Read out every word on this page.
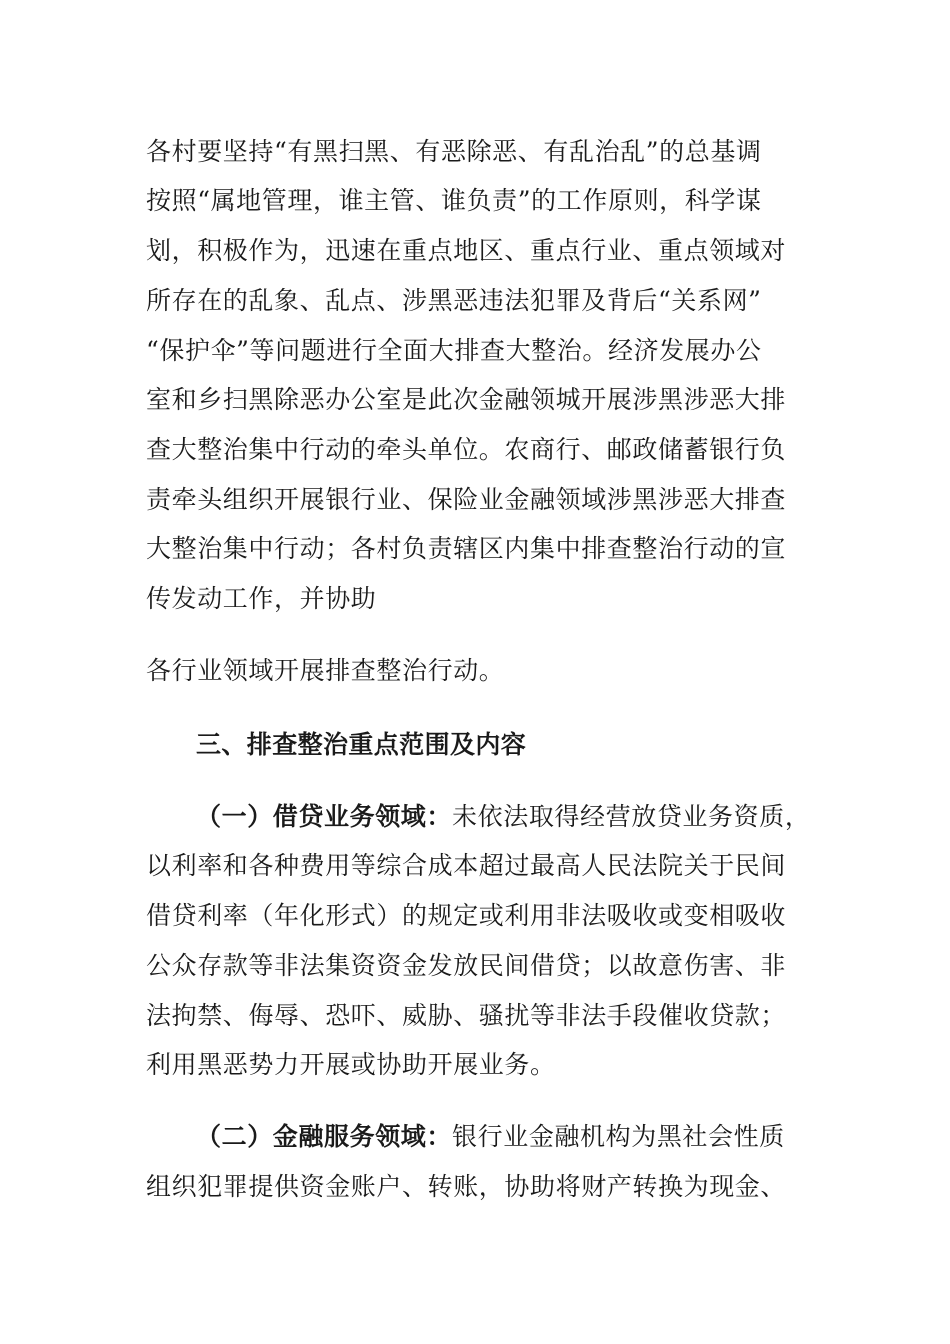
各村要坚持“有黑扫黑、有恶除恶、有乱治乱”的总基调
按照“属地管理，谁主管、谁负责”的工作原则，科学谋
划，积极作为，迅速在重点地区、重点行业、重点领域对
所存在的乱象、乱点、涉黑恶违法犯罪及背后“关系网”
“保护伞”等问题进行全面大排查大整治。经济发展办公
室和乡扫黑除恶办公室是此次金融领城开展涉黑涉恶大排
查大整治集中行动的牵头单位。农商行、邮政储蓄银行负
责牵头组织开展银行业、保险业金融领域涉黑涉恶大排查
大整治集中行动；各村负责辖区内集中排查整治行动的宣
传发动工作，并协助
各行业领域开展排查整治行动。
三、排查整治重点范围及内容
（一）借贷业务领域：未依法取得经营放贷业务资质，
以利率和各种费用等综合成本超过最高人民法院关于民间
借贷利率（年化形式）的规定或利用非法吸收或变相吸收
公众存款等非法集资资金发放民间借贷；以故意伤害、非
法拘禁、侮辱、恐吓、威胁、骚扰等非法手段催收贷款；
利用黑恶势力开展或协助开展业务。
（二）金融服务领域：银行业金融机构为黑社会性质
组织犯罪提供资金账户、转账，协助将财产转换为现金、
